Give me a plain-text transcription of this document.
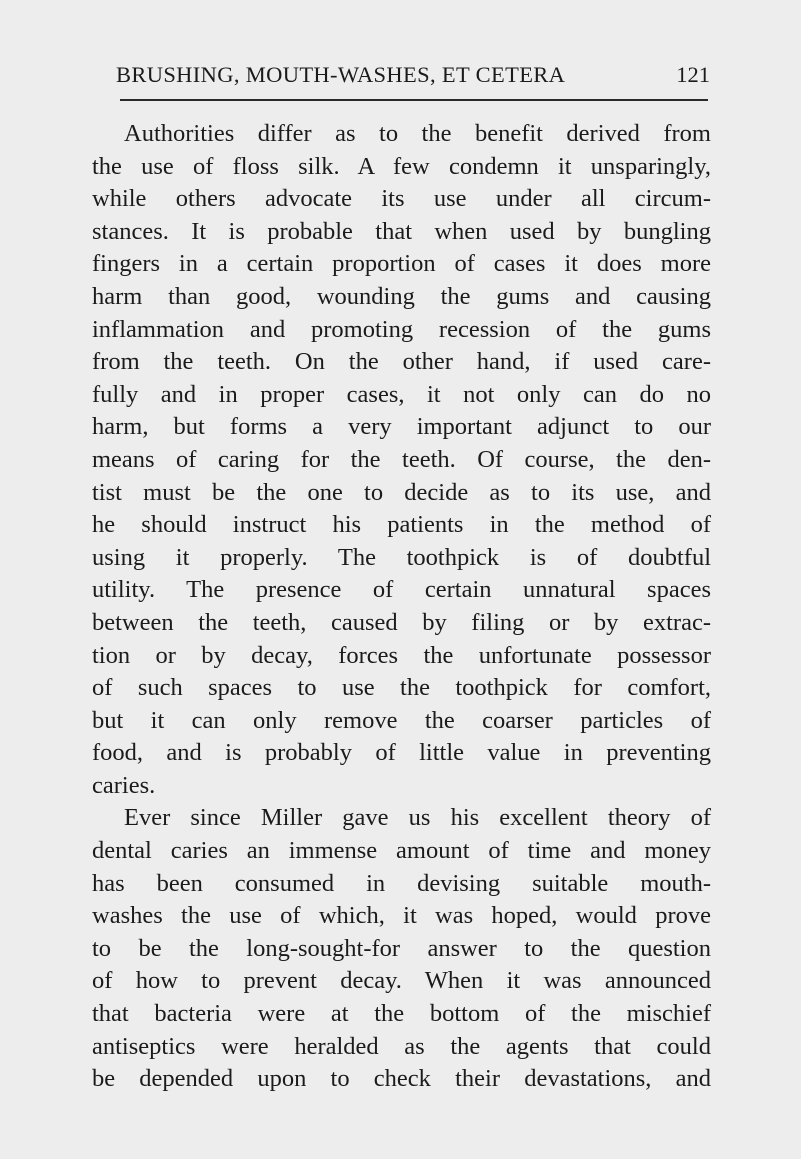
BRUSHING, MOUTH-WASHES, ET CETERA	121
Authorities differ as to the benefit derived from
the use of floss silk. A few condemn it unsparingly,
while others advocate its use under all circum-
stances. It is probable that when used by bungling
fingers in a certain proportion of cases it does more
harm than good, wounding the gums and causing
inflammation and promoting recession of the gums
from the teeth. On the other hand, if used care-
fully and in proper cases, it not only can do no
harm, but forms a very important adjunct to our
means of caring for the teeth. Of course, the den-
tist must be the one to decide as to its use, and
he should instruct his patients in the method of
using it properly. The toothpick is of doubtful
utility. The presence of certain unnatural spaces
between the teeth, caused by filing or by extrac-
tion or by decay, forces the unfortunate possessor
of such spaces to use the toothpick for comfort,
but it can only remove the coarser particles of
food, and is probably of little value in preventing
caries.
Ever since Miller gave us his excellent theory of
dental caries an immense amount of time and money
has been consumed in devising suitable mouth-
washes the use of which, it was hoped, would prove
to be the long-sought-for answer to the question
of how to prevent decay. When it was announced
that bacteria were at the bottom of the mischief
antiseptics were heralded as the agents that could
be depended upon to check their devastations, and
